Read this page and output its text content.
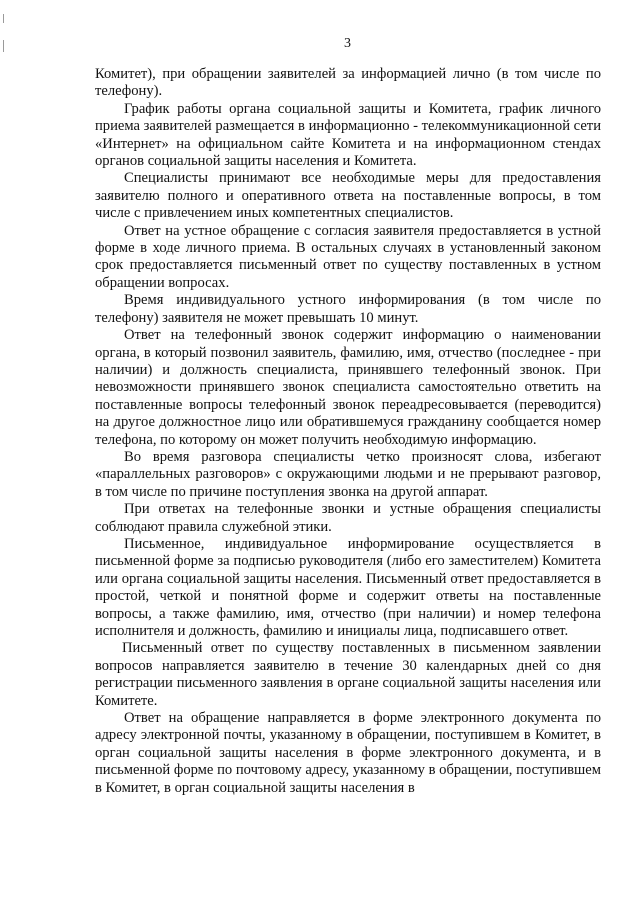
3

Комитет), при обращении заявителей за информацией лично (в том числе по телефону).

График работы органа социальной защиты и Комитета, график личного приема заявителей размещается в информационно - телекоммуникационной сети «Интернет» на официальном сайте Комитета и на информационном стендах органов социальной защиты населения и Комитета.

Специалисты принимают все необходимые меры для предоставления заявителю полного и оперативного ответа на поставленные вопросы, в том числе с привлечением иных компетентных специалистов.

Ответ на устное обращение с согласия заявителя предоставляется в устной форме в ходе личного приема. В остальных случаях в установленный законом срок предоставляется письменный ответ по существу поставленных в устном обращении вопросах.

Время индивидуального устного информирования (в том числе по телефону) заявителя не может превышать 10 минут.

Ответ на телефонный звонок содержит информацию о наименовании органа, в который позвонил заявитель, фамилию, имя, отчество (последнее - при наличии) и должность специалиста, принявшего телефонный звонок. При невозможности принявшего звонок специалиста самостоятельно ответить на поставленные вопросы телефонный звонок переадресовывается (переводится) на другое должностное лицо или обратившемуся гражданину сообщается номер телефона, по которому он может получить необходимую информацию.

Во время разговора специалисты четко произносят слова, избегают «параллельных разговоров» с окружающими людьми и не прерывают разговор, в том числе по причине поступления звонка на другой аппарат.

При ответах на телефонные звонки и устные обращения специалисты соблюдают правила служебной этики.

Письменное, индивидуальное информирование осуществляется в письменной форме за подписью руководителя (либо его заместителем) Комитета или органа социальной защиты населения. Письменный ответ предоставляется в простой, четкой и понятной форме и содержит ответы на поставленные вопросы, а также фамилию, имя, отчество (при наличии) и номер телефона исполнителя и должность, фамилию и инициалы лица, подписавшего ответ.

Письменный ответ по существу поставленных в письменном заявлении вопросов направляется заявителю в течение 30 календарных дней со дня регистрации письменного заявления в органе социальной защиты населения или Комитете.

Ответ на обращение направляется в форме электронного документа по адресу электронной почты, указанному в обращении, поступившем в Комитет, в орган социальной защиты населения в форме электронного документа, и в письменной форме по почтовому адресу, указанному в обращении, поступившем в Комитет, в орган социальной защиты населения в
